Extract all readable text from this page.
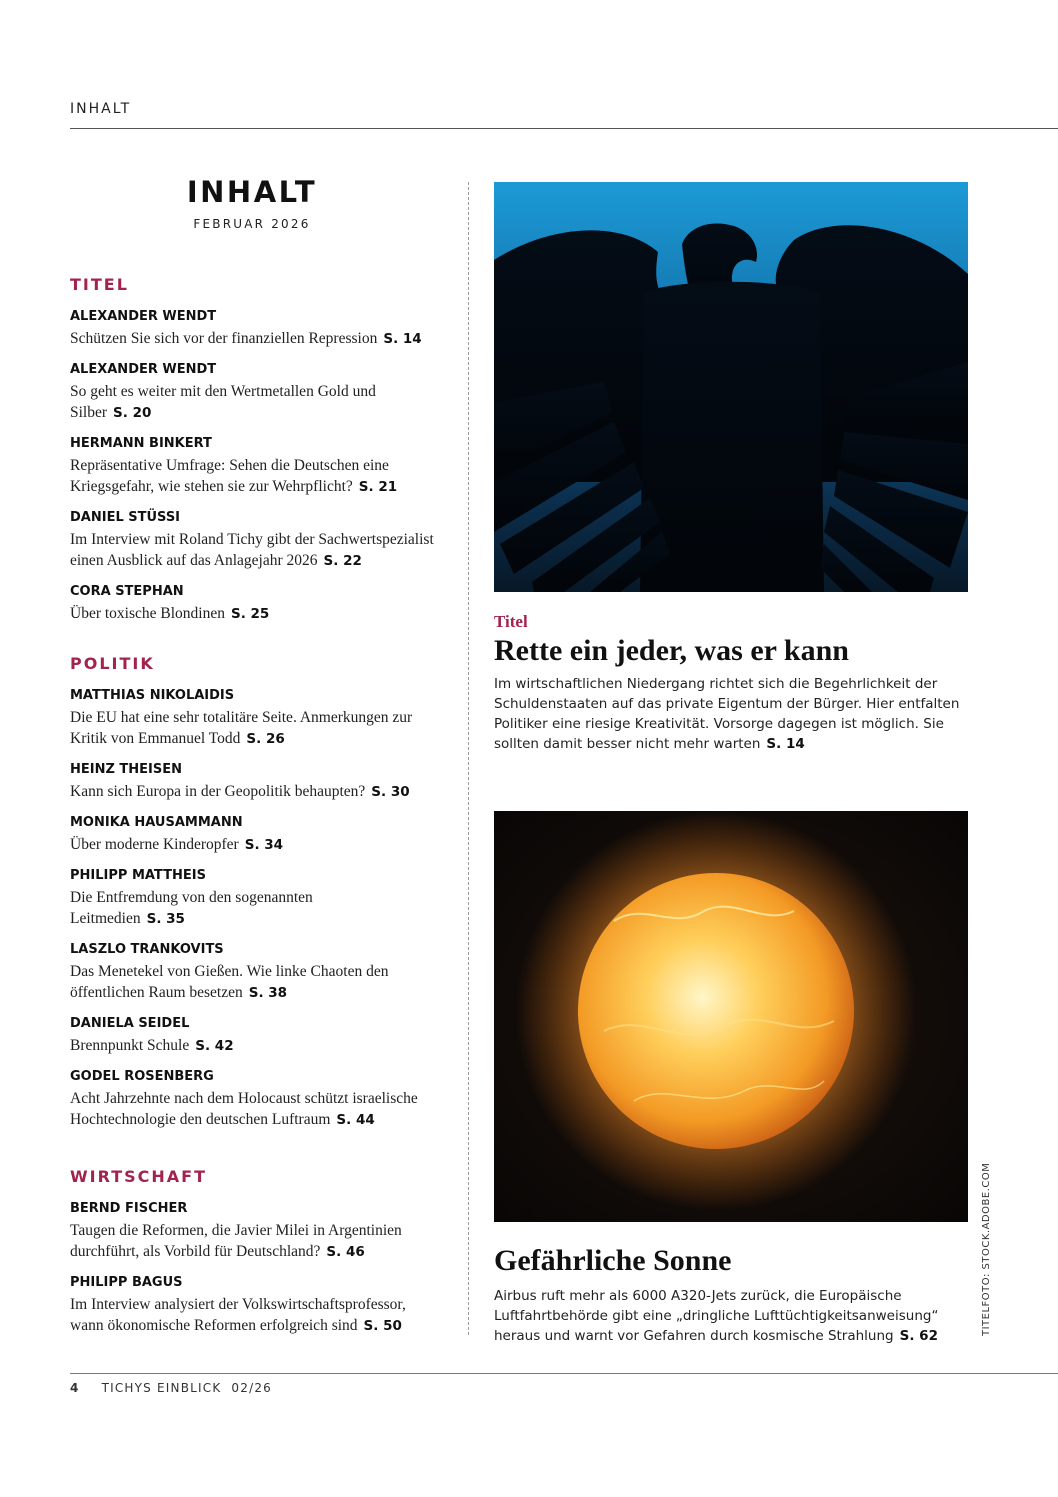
INHALT
INHALT
FEBRUAR 2026
TITEL
ALEXANDER WENDT
Schützen Sie sich vor der finanziellen Repression S. 14
ALEXANDER WENDT
So geht es weiter mit den Wertmetallen Gold und Silber S. 20
HERMANN BINKERT
Repräsentative Umfrage: Sehen die Deutschen eine Kriegsgefahr, wie stehen sie zur Wehrpflicht? S. 21
DANIEL STÜSSI
Im Interview mit Roland Tichy gibt der Sachwertspezialist einen Ausblick auf das Anlagejahr 2026 S. 22
CORA STEPHAN
Über toxische Blondinen S. 25
POLITIK
MATTHIAS NIKOLAIDIS
Die EU hat eine sehr totalitäre Seite. Anmerkungen zur Kritik von Emmanuel Todd S. 26
HEINZ THEISEN
Kann sich Europa in der Geopolitik behaupten? S. 30
MONIKA HAUSAMMANN
Über moderne Kinderopfer S. 34
PHILIPP MATTHEIS
Die Entfremdung von den sogenannten Leitmedien S. 35
LASZLO TRANKOVITS
Das Menetekel von Gießen. Wie linke Chaoten den öffentlichen Raum besetzen S. 38
DANIELA SEIDEL
Brennpunkt Schule S. 42
GODEL ROSENBERG
Acht Jahrzehnte nach dem Holocaust schützt israelische Hochtechnologie den deutschen Luftraum S. 44
WIRTSCHAFT
BERND FISCHER
Taugen die Reformen, die Javier Milei in Argentinien durchführt, als Vorbild für Deutschland? S. 46
PHILIPP BAGUS
Im Interview analysiert der Volkswirtschaftsprofessor, wann ökonomische Reformen erfolgreich sind S. 50
Titel
Rette ein jeder, was er kann
Im wirtschaftlichen Niedergang richtet sich die Begehrlichkeit der Schuldenstaaten auf das private Eigentum der Bürger. Hier entfalten Politiker eine riesige Kreativität. Vorsorge dagegen ist möglich. Sie sollten damit besser nicht mehr warten S. 14
Gefährliche Sonne
Airbus ruft mehr als 6000 A320-Jets zurück, die Europäische Luftfahrtbehörde gibt eine „dringliche Lufttüchtigkeitsanweisung“ heraus und warnt vor Gefahren durch kosmische Strahlung S. 62	TITELFOTO: STOCK.ADOBE.COM
4 TICHYS EINBLICK  02/26
